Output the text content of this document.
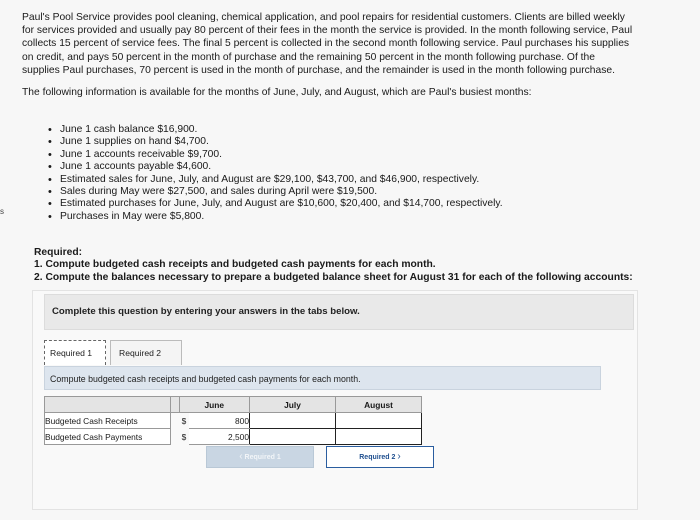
Paul's Pool Service provides pool cleaning, chemical application, and pool repairs for residential customers. Clients are billed weekly
for services provided and usually pay 80 percent of their fees in the month the service is provided. In the month following service, Paul
collects 15 percent of service fees. The final 5 percent is collected in the second month following service. Paul purchases his supplies
on credit, and pays 50 percent in the month of purchase and the remaining 50 percent in the month following purchase. Of the
supplies Paul purchases, 70 percent is used in the month of purchase, and the remainder is used in the month following purchase.

The following information is available for the months of June, July, and August, which are Paul's busiest months:

• June 1 cash balance $16,900.
• June 1 supplies on hand $4,700.
• June 1 accounts receivable $9,700.
• June 1 accounts payable $4,600.
• Estimated sales for June, July, and August are $29,100, $43,700, and $46,900, respectively.
• Sales during May were $27,500, and sales during April were $19,500.
• Estimated purchases for June, July, and August are $10,600, $20,400, and $14,700, respectively.
• Purchases in May were $5,800.
s
Required:
1. Compute budgeted cash receipts and budgeted cash payments for each month.
2. Compute the balances necessary to prepare a budgeted balance sheet for August 31 for each of the following accounts:
Complete this question by entering your answers in the tabs below.
Required 1	Required 2
Compute budgeted cash receipts and budgeted cash payments for each month.
		June		July	August
Budgeted Cash Receipts		$	800		
Budgeted Cash Payments		$	2,500		
‹ Required 1	Required 2 ›
